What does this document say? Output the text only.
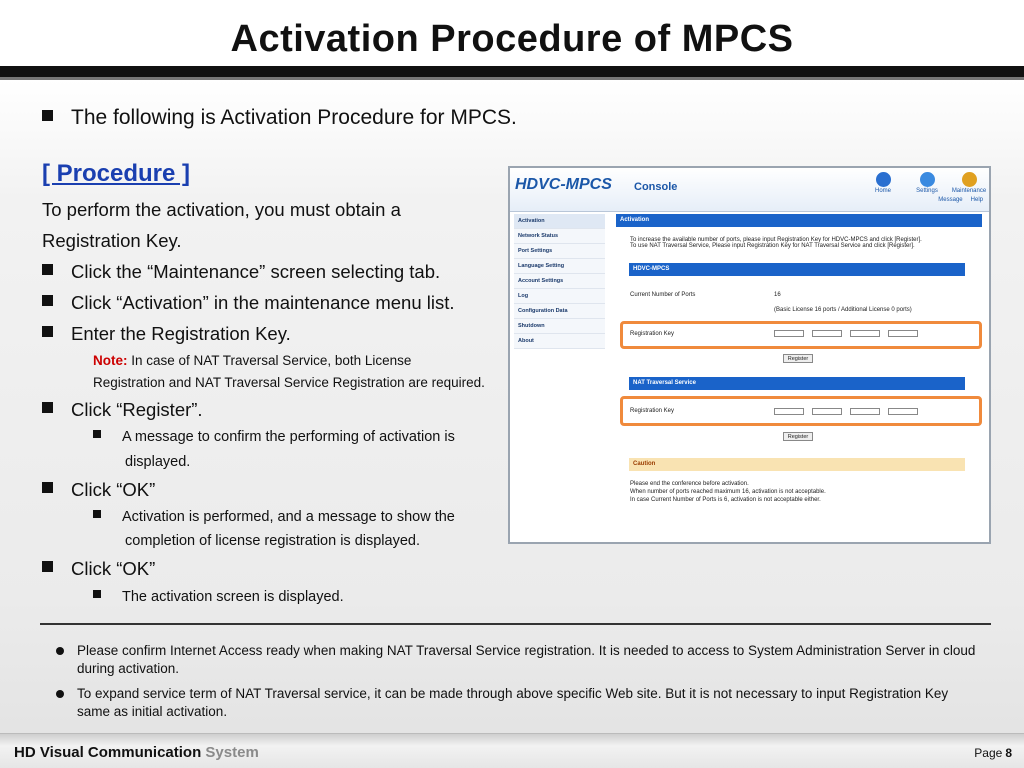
Activation Procedure of MPCS
The following is Activation Procedure for MPCS.
[ Procedure ]
To perform the activation, you must obtain a
Registration Key.
Click the “Maintenance” screen selecting tab.
Click “Activation” in the maintenance menu list.
Enter the Registration Key.
Note: In case of NAT Traversal Service, both License
Registration and NAT Traversal Service Registration are required.
Click “Register”.
A message to confirm the performing of activation is
displayed.
Click “OK”
Activation is performed, and a message to show the
completion of license registration is displayed.
Click “OK”
The activation screen is displayed.
HDVC-MPCS Console	Home	Settings	Maintenance
Message Help
Activation
Network Status
Port Settings
Language Setting
Account Settings
Log
Configuration Data
Shutdown
About
Activation
To increase the available number of ports, please input Registration Key for HDVC-MPCS and click [Register].
To use NAT Traversal Service, Please input Registration Key for NAT Traversal Service and click [Register].
HDVC-MPCS
Current Number of Ports	16
(Basic License 16 ports / Additional License 0 ports)
Registration Key
Register
NAT Traversal Service
Registration Key
Register
Caution
Please end the conference before activation.
When number of ports reached maximum 16, activation is not acceptable.
In case Current Number of Ports is 6, activation is not acceptable either.

Please confirm Internet Access ready when making NAT Traversal Service registration. It is needed to access to System Administration Server in cloud during activation.

To expand service term of NAT Traversal service, it can be made through above specific Web site. But it is not necessary to input Registration Key same as initial activation.

HD Visual Communication System	Page 8
